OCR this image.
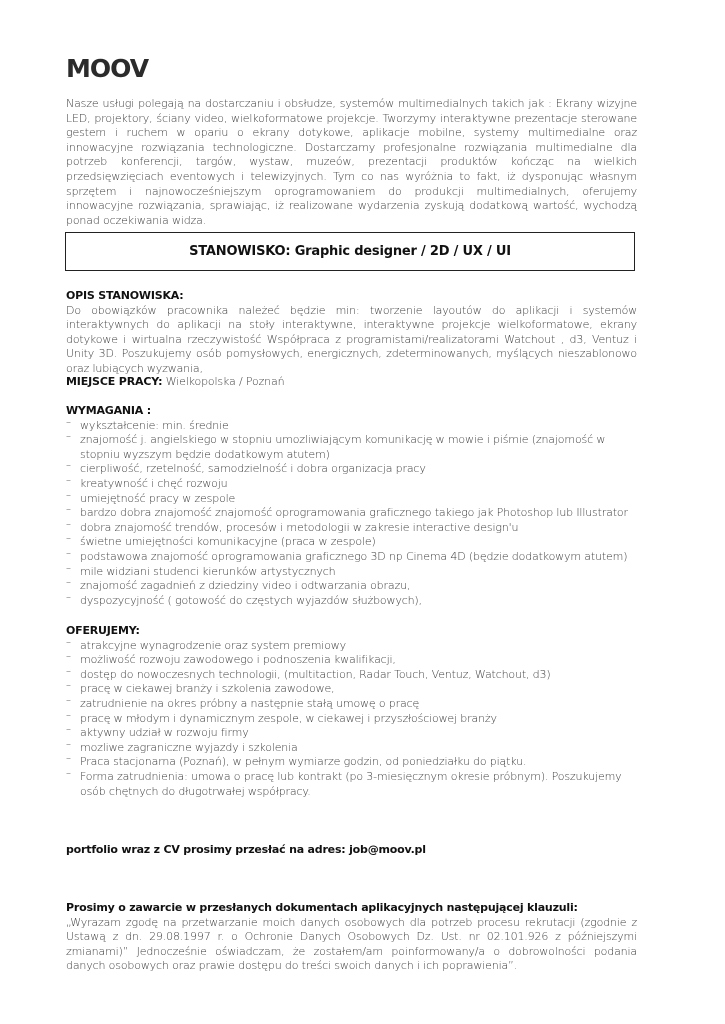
MOOV
Nasze usługi polegają na dostarczaniu i obsłudze, systemów multimedialnych takich jak : Ekrany wizyjne LED, projektory, ściany video, wielkoformatowe projekcje. Tworzymy interaktywne prezentacje sterowane gestem i ruchem w opariu o ekrany dotykowe, aplikacje mobilne, systemy multimedialne oraz innowacyjne rozwiązania technologiczne. Dostarczamy profesjonalne rozwiązania multimedialne dla potrzeb konferencji, targów, wystaw, muzeów, prezentacji produktów kończąc na wielkich przedsięwzięciach eventowych i telewizyjnych. Tym co nas wyróżnia to fakt, iż dysponując własnym sprzętem i najnowocześniejszym oprogramowaniem do produkcji multimedialnych, oferujemy innowacyjne rozwiązania, sprawiając, iż realizowane wydarzenia zyskują dodatkową wartość, wychodzą ponad oczekiwania widza.
STANOWISKO: Graphic designer / 2D / UX / UI
OPIS STANOWISKA:
Do obowiązków pracownika należeć będzie min: tworzenie layoutów do aplikacji i systemów interaktywnych do aplikacji na stoły interaktywne, interaktywne projekcje wielkoformatowe, ekrany dotykowe i wirtualna rzeczywistość Współpraca z programistami/realizatorami Watchout , d3, Ventuz i Unity 3D. Poszukujemy osób pomysłowych, energicznych, zdeterminowanych, myślących nieszablonowo oraz lubiących wyzwania,
MIEJSCE PRACY: Wielkopolska / Poznań
WYMAGANIA :
– wykształcenie: min. średnie
– znajomość j. angielskiego w stopniu umozliwiającym komunikację w mowie i piśmie (znajomość w stopniu wyzszym będzie dodatkowym atutem)
– cierpliwość, rzetelność, samodzielność i dobra organizacja pracy
– kreatywność i chęć rozwoju
– umiejętność pracy w zespole
– bardzo dobra znajomość znajomość oprogramowania graficznego takiego jak Photoshop lub Illustrator
– dobra znajomość trendów, procesów i metodologii w zakresie interactive design'u
– świetne umiejętności komunikacyjne (praca w zespole)
– podstawowa znajomość oprogramowania graficznego 3D np Cinema 4D (będzie dodatkowym atutem)
– mile widziani studenci kierunków artystycznych
– znajomość zagadnień z dziedziny video i odtwarzania obrazu,
– dyspozycyjność ( gotowość do częstych wyjazdów służbowych),
OFERUJEMY:
– atrakcyjne wynagrodzenie oraz system premiowy
– możliwość rozwoju zawodowego i podnoszenia kwalifikacji,
– dostęp do nowoczesnych technologii, (multitaction, Radar Touch, Ventuz, Watchout, d3)
– pracę w ciekawej branży i szkolenia zawodowe,
– zatrudnienie na okres próbny a następnie stałą umowę o pracę
– pracę w młodym i dynamicznym zespole, w ciekawej i przyszłościowej branży
– aktywny udział w rozwoju firmy
– mozliwe zagraniczne wyjazdy i szkolenia
– Praca stacjonarna (Poznań), w pełnym wymiarze godzin, od poniedziałku do piątku.
– Forma zatrudnienia: umowa o pracę lub kontrakt (po 3-miesięcznym okresie próbnym). Poszukujemy osób chętnych do długotrwałej współpracy.
portfolio wraz z CV prosimy przesłać na adres: job@moov.pl
Prosimy o zawarcie w przesłanych dokumentach aplikacyjnych następującej klauzuli:
„Wyrazam zgodę na przetwarzanie moich danych osobowych dla potrzeb procesu rekrutacji (zgodnie z Ustawą z dn. 29.08.1997 r. o Ochronie Danych Osobowych Dz. Ust. nr 02.101.926 z późniejszymi zmianami)” Jednocześnie oświadczam, że zostałem/am poinformowany/a o dobrowolności podania danych osobowych oraz prawie dostępu do treści swoich danych i ich poprawienia”.
